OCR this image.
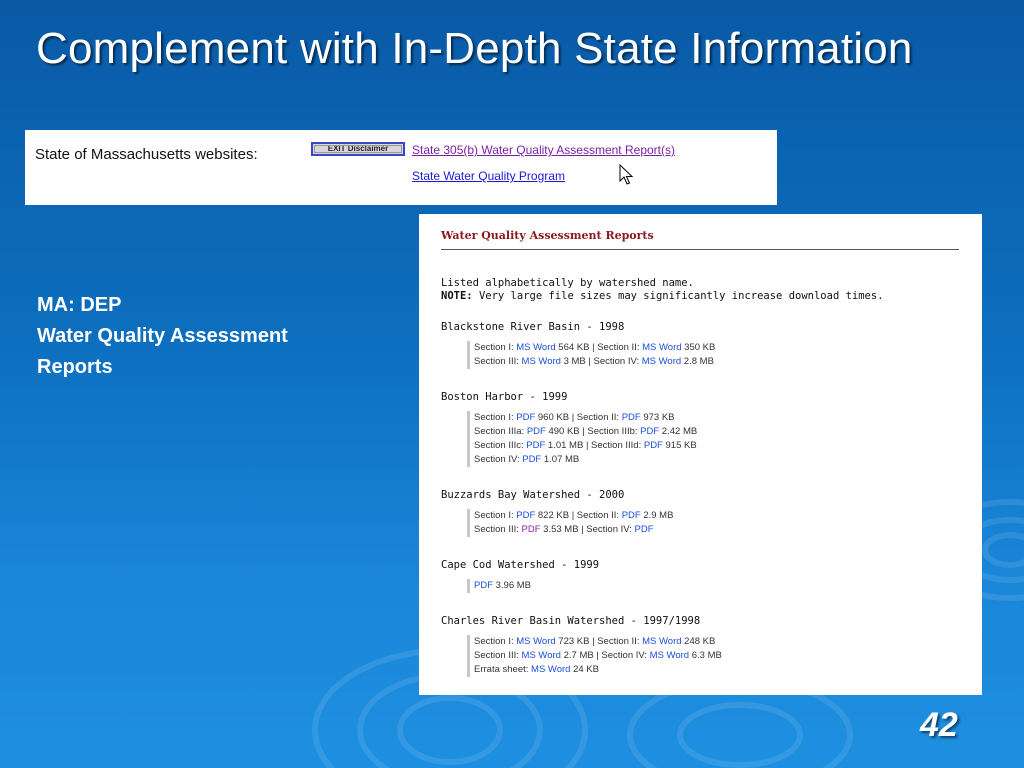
Complement with In-Depth State Information
State of Massachusetts websites:	EXIT Disclaimer	State 305(b) Water Quality Assessment Report(s)
State Water Quality Program
MA: DEP
Water Quality Assessment
Reports
Water Quality Assessment Reports
Listed alphabetically by watershed name.
NOTE: Very large file sizes may significantly increase download times.
Blackstone River Basin - 1998
Section I: MS Word 564 KB | Section II: MS Word 350 KB
Section III: MS Word 3 MB | Section IV: MS Word 2.8 MB
Boston Harbor - 1999
Section I: PDF 960 KB | Section II: PDF 973 KB
Section IIIa: PDF 490 KB | Section IIIb: PDF 2.42 MB
Section IIIc: PDF 1.01 MB | Section IIId: PDF 915 KB
Section IV: PDF 1.07 MB
Buzzards Bay Watershed - 2000
Section I: PDF 822 KB | Section II: PDF 2.9 MB
Section III: PDF 3.53 MB | Section IV: PDF
Cape Cod Watershed - 1999
PDF 3.96 MB
Charles River Basin Watershed - 1997/1998
Section I: MS Word 723 KB | Section II: MS Word 248 KB
Section III: MS Word 2.7 MB | Section IV: MS Word 6.3 MB
Errata sheet: MS Word 24 KB
42
